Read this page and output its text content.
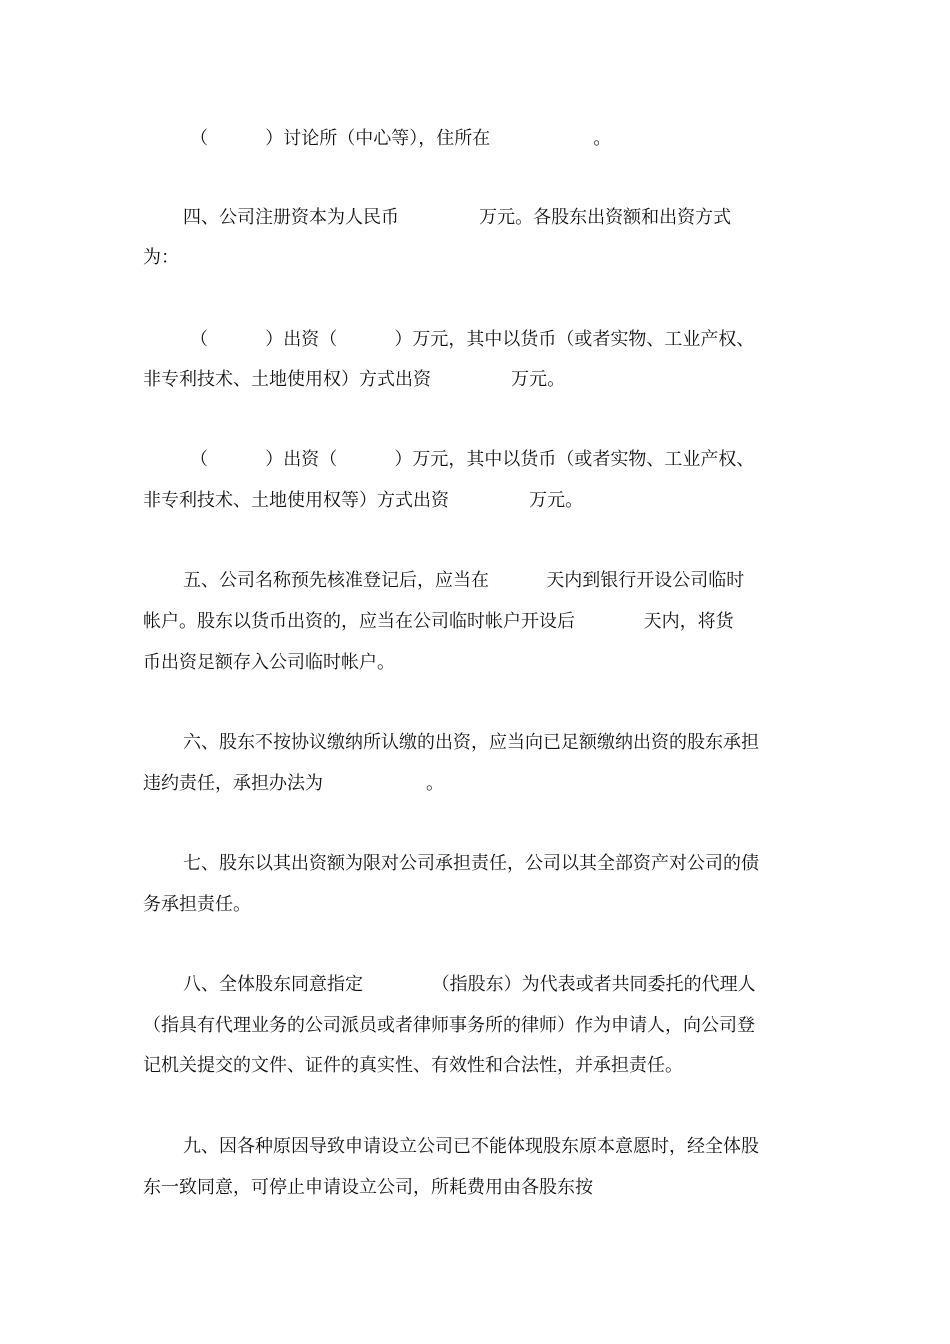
（          ）讨论所（中心等），住所在                  。
四、公司注册资本为人民币              万元。各股东出资额和出资方式
为：
（          ）出资（          ）万元，其中以货币（或者实物、工业产权、
非专利技术、土地使用权）方式出资              万元。
（          ）出资（          ）万元，其中以货币（或者实物、工业产权、
非专利技术、土地使用权等）方式出资              万元。
五、公司名称预先核准登记后，应当在          天内到银行开设公司临时
帐户。股东以货币出资的，应当在公司临时帐户开设后            天内，将货
币出资足额存入公司临时帐户。
六、股东不按协议缴纳所认缴的出资，应当向已足额缴纳出资的股东承担
违约责任，承担办法为                  。
七、股东以其出资额为限对公司承担责任，公司以其全部资产对公司的债
务承担责任。
八、全体股东同意指定            （指股东）为代表或者共同委托的代理人
（指具有代理业务的公司派员或者律师事务所的律师）作为申请人，向公司登
记机关提交的文件、证件的真实性、有效性和合法性，并承担责任。
九、因各种原因导致申请设立公司已不能体现股东原本意愿时，经全体股
东一致同意，可停止申请设立公司，所耗费用由各股东按
